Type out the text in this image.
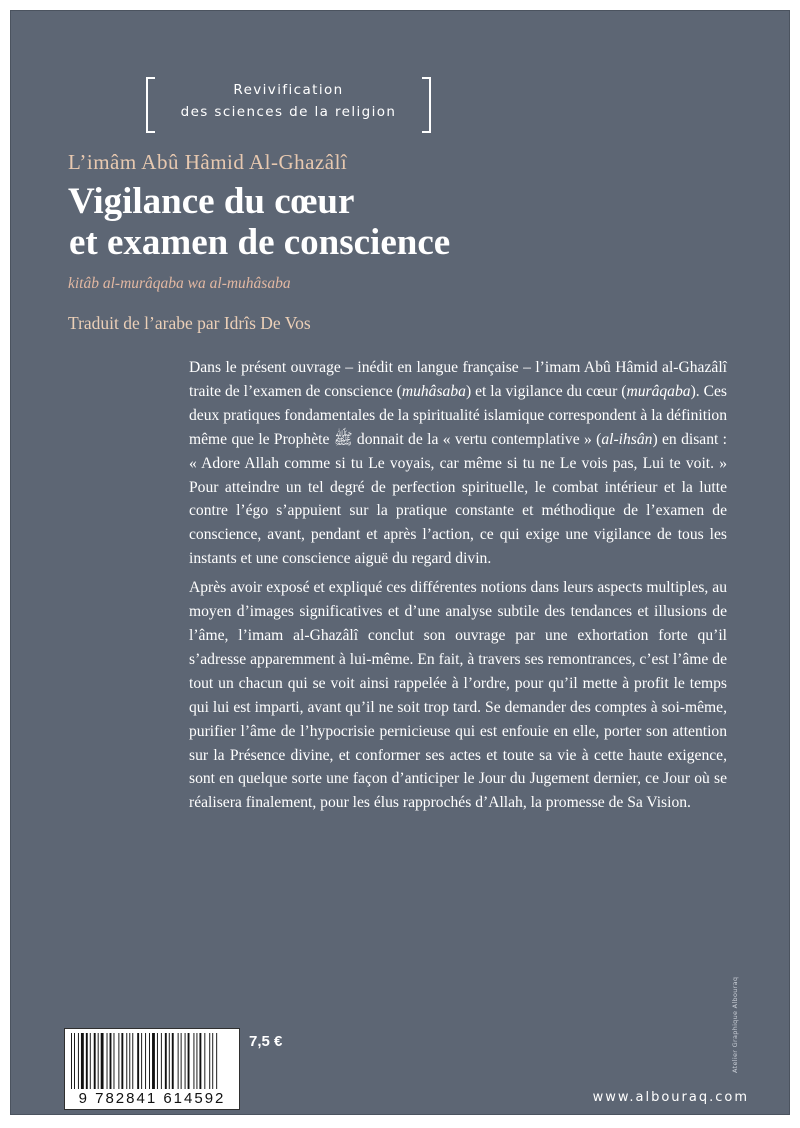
Revivification
des sciences de la religion
L’imâm Abû Hâmid Al-Ghazâlî
Vigilance du cœur
et examen de conscience
kitâb al-murâqaba wa al-muhâsaba
Traduit de l’arabe par Idrîs De Vos

Dans le présent ouvrage – inédit en langue française – l’imam Abû Hâmid al-Ghazâlî traite de l’examen de conscience (muhâsaba) et la vigilance du cœur (murâqaba). Ces deux pratiques fondamentales de la spiritualité islamique correspondent à la définition même que le Prophète ﷺ donnait de la « vertu contemplative » (al-ihsân) en disant : « Adore Allah comme si tu Le voyais, car même si tu ne Le vois pas, Lui te voit. » Pour atteindre un tel degré de perfection spirituelle, le combat intérieur et la lutte contre l’égo s’appuient sur la pratique constante et méthodique de l’examen de conscience, avant, pendant et après l’action, ce qui exige une vigilance de tous les instants et une conscience aiguë du regard divin.

Après avoir exposé et expliqué ces différentes notions dans leurs aspects multiples, au moyen d’images significatives et d’une analyse subtile des tendances et illusions de l’âme, l’imam al-Ghazâlî conclut son ouvrage par une exhortation forte qu’il s’adresse apparemment à lui-même. En fait, à travers ses remontrances, c’est l’âme de tout un chacun qui se voit ainsi rappelée à l’ordre, pour qu’il mette à profit le temps qui lui est imparti, avant qu’il ne soit trop tard. Se demander des comptes à soi-même, purifier l’âme de l’hypocrisie pernicieuse qui est enfouie en elle, porter son attention sur la Présence divine, et conformer ses actes et toute sa vie à cette haute exigence, sont en quelque sorte une façon d’anticiper le Jour du Jugement dernier, ce Jour où se réalisera finalement, pour les élus rapprochés d’Allah, la promesse de Sa Vision.

9 782841 614592
7,5 €	Atelier Graphique Albouraq
www.albouraq.com
